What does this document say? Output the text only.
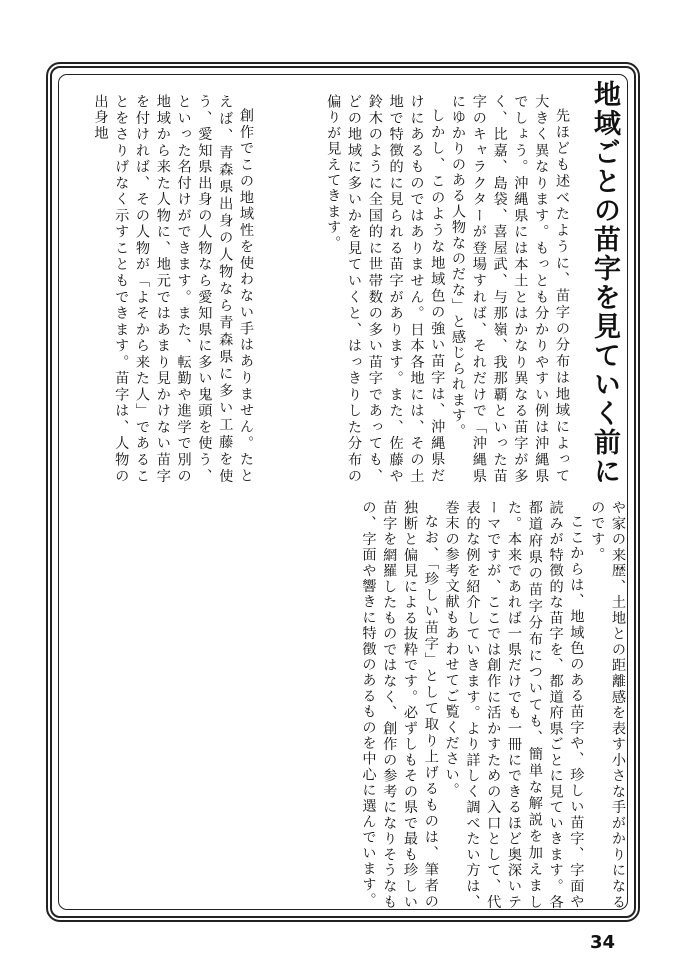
地域ごとの苗字を見ていく前に

先ほども述べたように、苗字の分布は地域によって大きく異なります。もっとも分かりやすい例は沖縄県でしょう。沖縄県には本土とはかなり異なる苗字が多く、比嘉、島袋、喜屋武、与那嶺、我那覇といった苗字のキャラクターが登場すれば、それだけで「沖縄県にゆかりのある人物なのだな」と感じられます。

しかし、このような地域色の強い苗字は、沖縄県だけにあるものではありません。日本各地には、その土地で特徴的に見られる苗字があります。また、佐藤や鈴木のように全国的に世帯数の多い苗字であっても、どの地域に多いかを見ていくと、はっきりした分布の偏りが見えてきます。

創作でこの地域性を使わない手はありません。たとえば、青森県出身の人物なら青森県に多い工藤を使う、愛知県出身の人物なら愛知県に多い鬼頭を使う、といった名付けができます。また、転勤や進学で別の地域から来た人物に、地元ではあまり見かけない苗字を付ければ、その人物が「よそから来た人」であることをさりげなく示すこともできます。苗字は、人物の出身地

や家の来歴、土地との距離感を表す小さな手がかりになるのです。

ここからは、地域色のある苗字や、珍しい苗字、字面や読みが特徴的な苗字を、都道府県ごとに見ていきます。各都道府県の苗字分布についても、簡単な解説を加えました。本来であれば一県だけでも一冊にできるほど奥深いテーマですが、ここでは創作に活かすための入口として、代表的な例を紹介していきます。より詳しく調べたい方は、巻末の参考文献もあわせてご覧ください。

なお、「珍しい苗字」として取り上げるものは、筆者の独断と偏見による抜粋です。必ずしもその県で最も珍しい苗字を網羅したものではなく、創作の参考になりそうなもの、字面や響きに特徴のあるものを中心に選んでいます。

34
